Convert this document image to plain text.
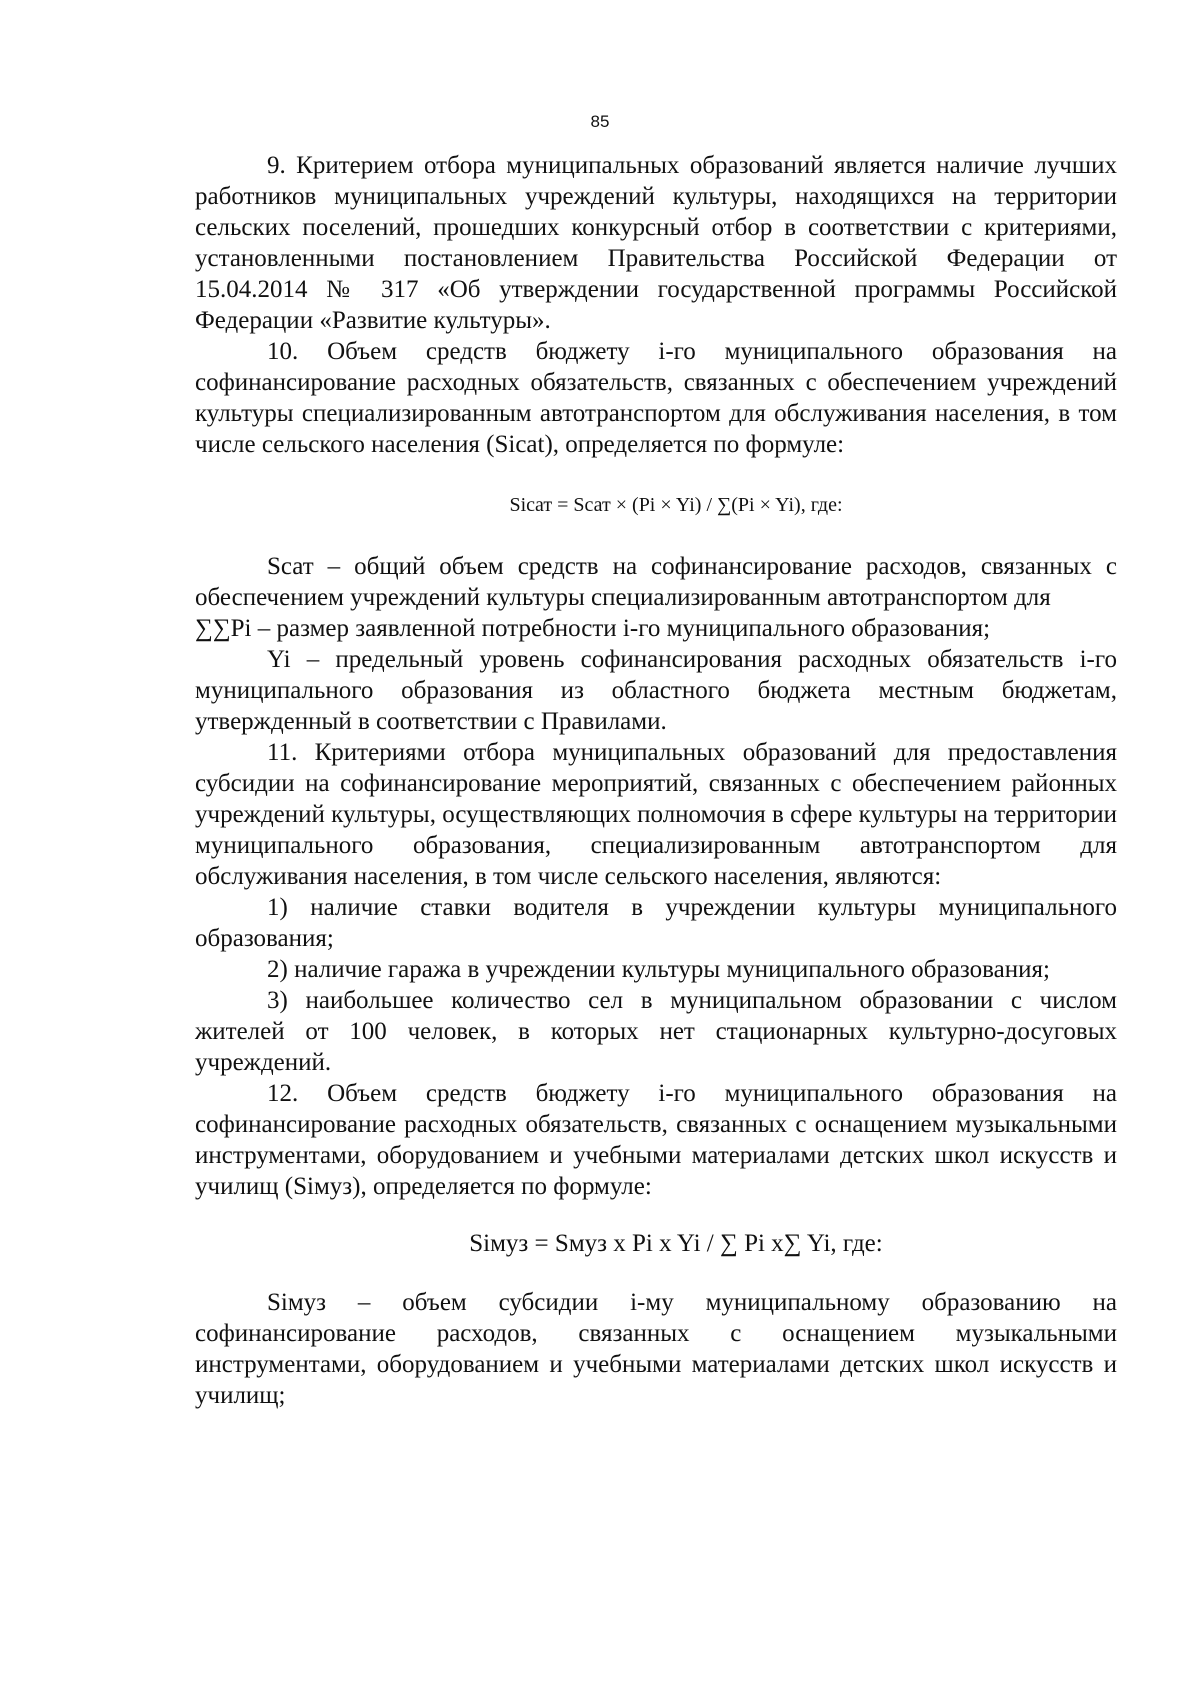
85

9. Критерием отбора муниципальных образований является наличие лучших работников муниципальных учреждений культуры, находящихся на территории сельских поселений, прошедших конкурсный отбор в соответствии с критериями, установленными постановлением Правительства Российской Федерации от 15.04.2014 № 317 «Об утверждении государственной программы Российской Федерации «Развитие культуры».

10. Объем средств бюджету i-го муниципального образования на софинансирование расходных обязательств, связанных с обеспечением учреждений культуры специализированным автотранспортом для обслуживания населения, в том числе сельского населения (Sicat), определяется по формуле:

Sicат = Sсат × (Pi × Yi) / ∑(Pi × Yi), где:

Sсат – общий объем средств на софинансирование расходов, связанных с обеспечением учреждений культуры специализированным автотранспортом для

∑∑Pi – размер заявленной потребности i-го муниципального образования;

Yi – предельный уровень софинансирования расходных обязательств i-го муниципального образования из областного бюджета местным бюджетам, утвержденный в соответствии с Правилами.

11. Критериями отбора муниципальных образований для предоставления субсидии на софинансирование мероприятий, связанных с обеспечением районных учреждений культуры, осуществляющих полномочия в сфере культуры на территории муниципального образования, специализированным автотранспортом для обслуживания населения, в том числе сельского населения, являются:

1) наличие ставки водителя в учреждении культуры муниципального образования;

2) наличие гаража в учреждении культуры муниципального образования;

3) наибольшее количество сел в муниципальном образовании с числом жителей от 100 человек, в которых нет стационарных культурно-досуговых учреждений.

12. Объем средств бюджету i-го муниципального образования на софинансирование расходных обязательств, связанных с оснащением музыкальными инструментами, оборудованием и учебными материалами детских школ искусств и училищ (Siмуз), определяется по формуле:

Siмуз = Sмуз x Pi x Yi / ∑ Pi x∑ Yi, где:

Siмуз – объем субсидии i-му муниципальному образованию на софинансирование расходов, связанных с оснащением музыкальными инструментами, оборудованием и учебными материалами детских школ искусств и училищ;
